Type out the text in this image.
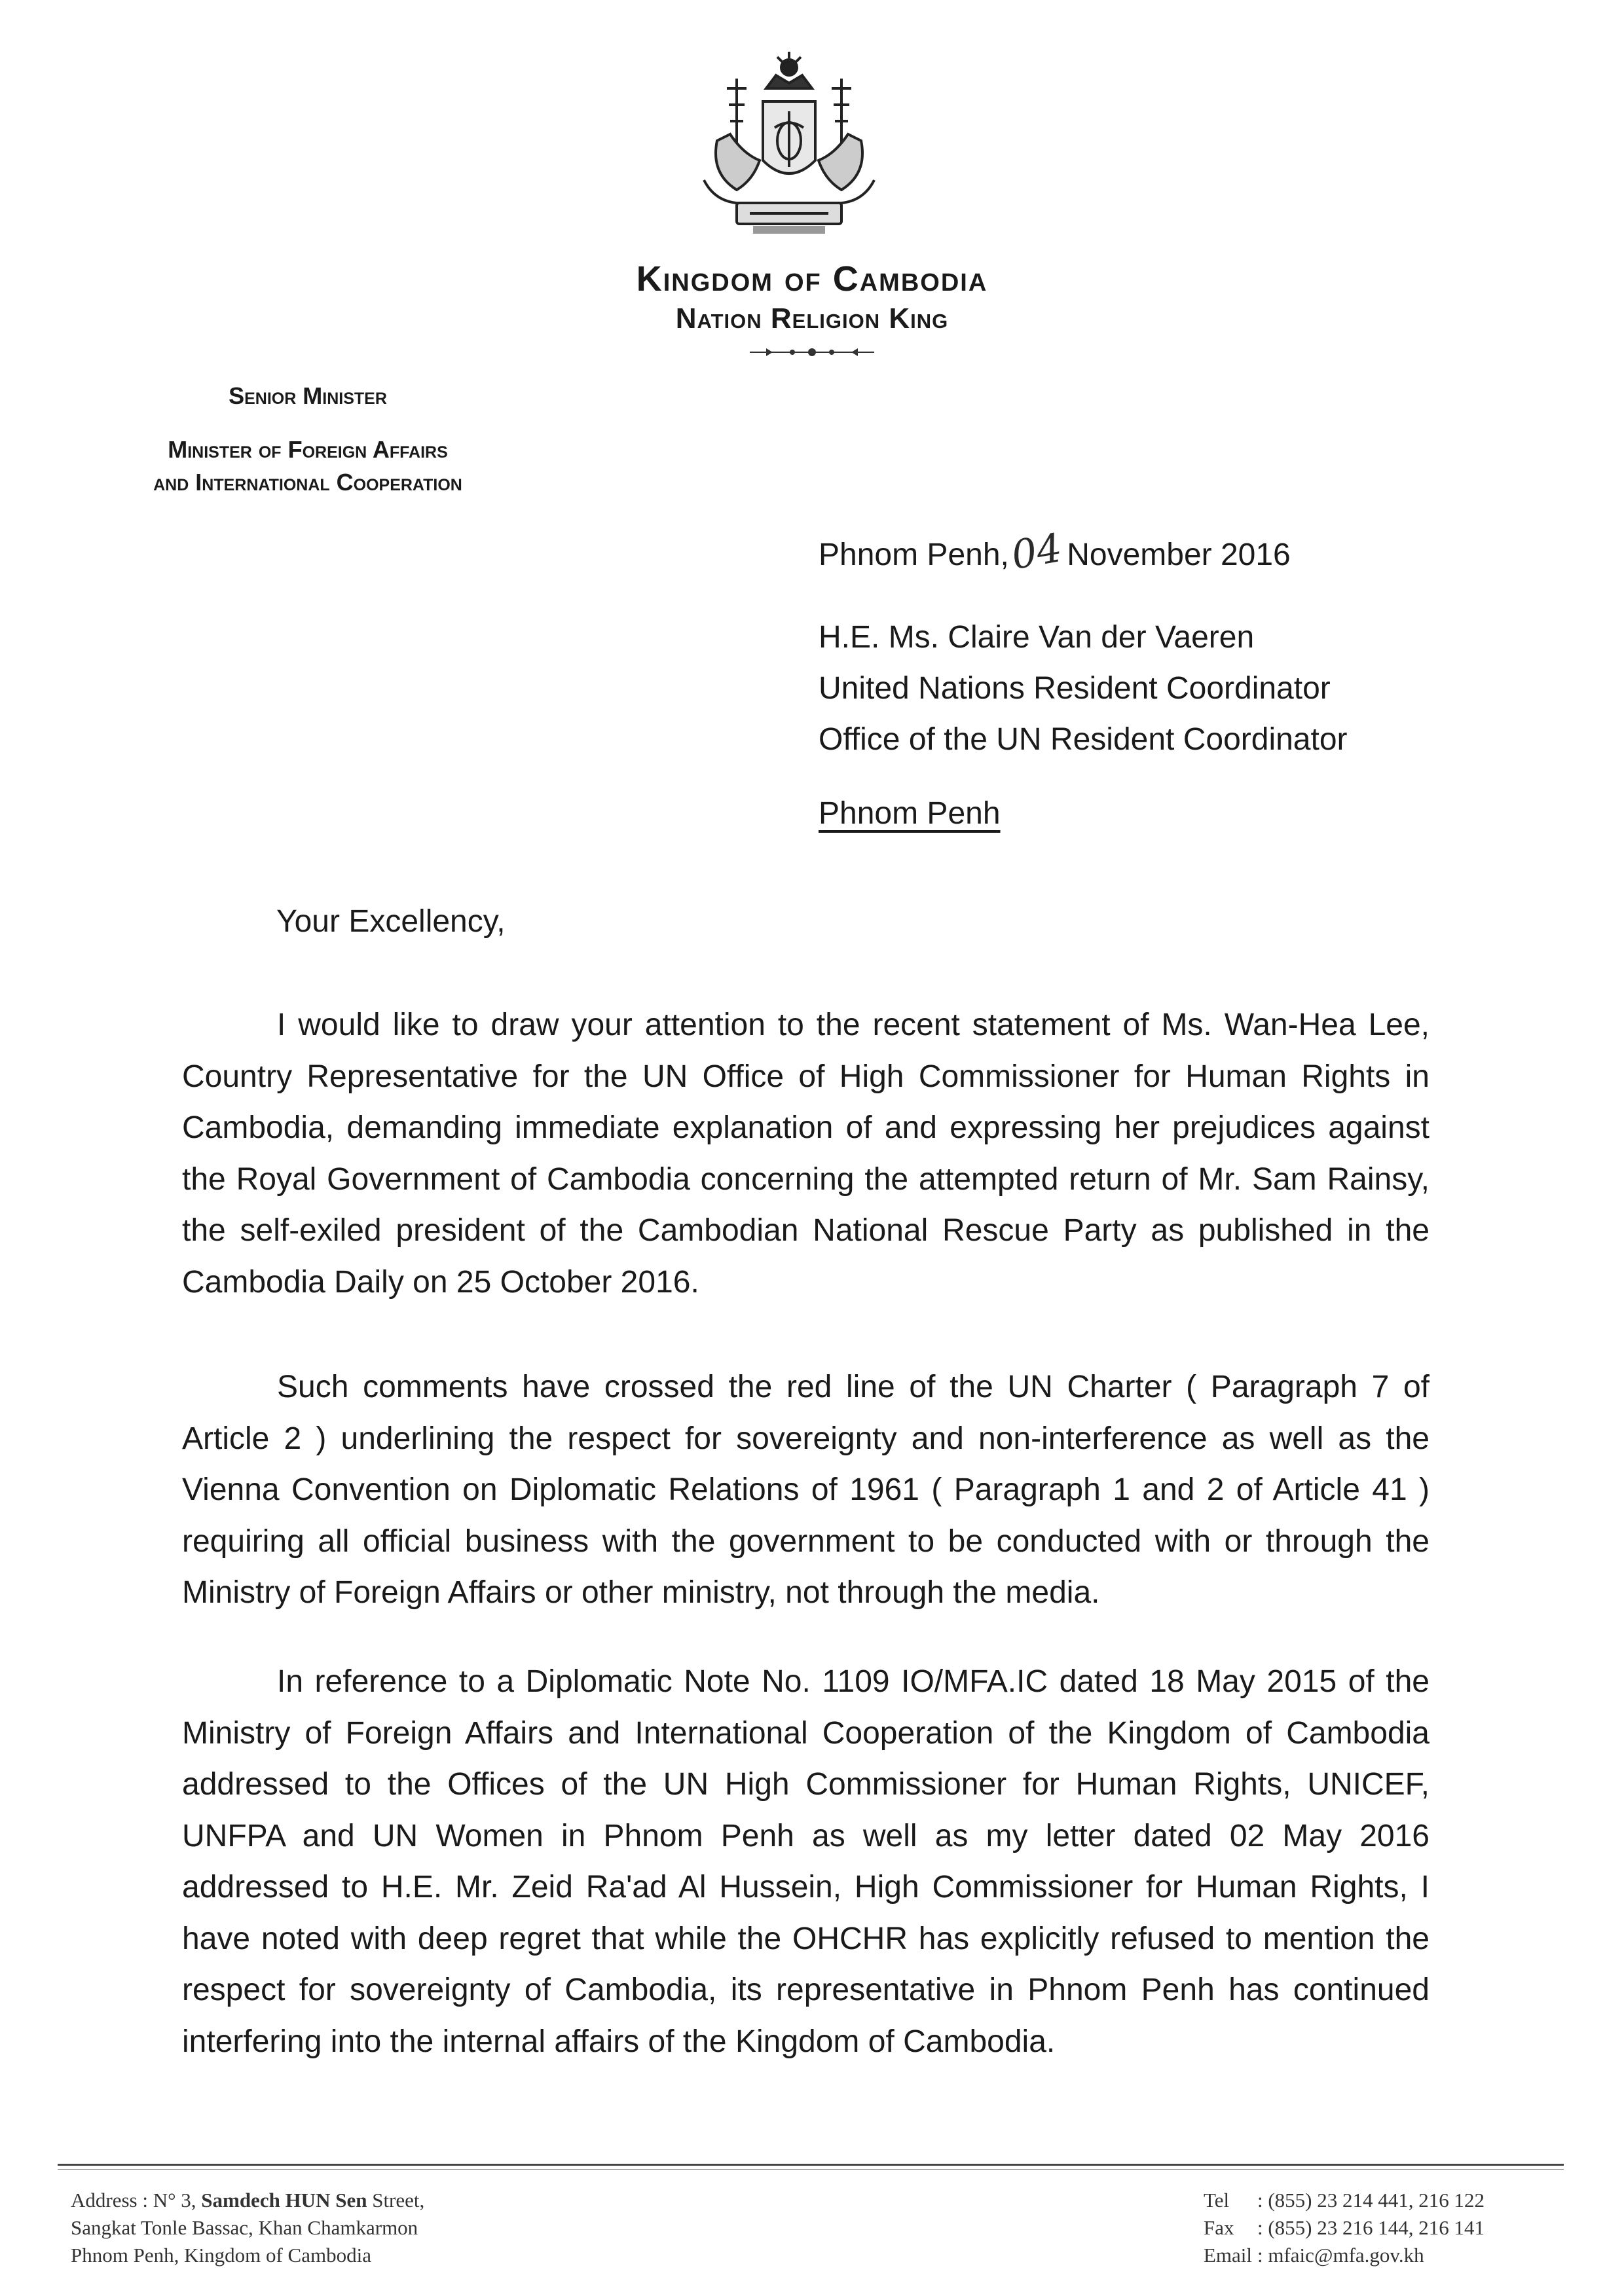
Kingdom of Cambodia
Nation Religion King
Senior Minister
Minister of Foreign Affairs
and International Cooperation
Phnom Penh,04November 2016
H.E. Ms. Claire Van der Vaeren
United Nations Resident Coordinator
Office of the UN Resident Coordinator
Phnom Penh
Your Excellency,

I would like to draw your attention to the recent statement of Ms. Wan-Hea Lee, Country Representative for the UN Office of High Commissioner for Human Rights in Cambodia, demanding immediate explanation of and expressing her prejudices against the Royal Government of Cambodia concerning the attempted return of Mr. Sam Rainsy, the self-exiled president of the Cambodian National Rescue Party as published in the Cambodia Daily on 25 October 2016.

Such comments have crossed the red line of the UN Charter ( Paragraph 7 of Article 2 ) underlining the respect for sovereignty and non-interference as well as the Vienna Convention on Diplomatic Relations of 1961 ( Paragraph 1 and 2 of Article 41 ) requiring all official business with the government to be conducted with or through the Ministry of Foreign Affairs or other ministry, not through the media.

In reference to a Diplomatic Note No. 1109 IO/MFA.IC dated 18 May 2015 of the Ministry of Foreign Affairs and International Cooperation of the Kingdom of Cambodia addressed to the Offices of the UN High Commissioner for Human Rights, UNICEF, UNFPA and UN Women in Phnom Penh as well as my letter dated 02 May 2016 addressed to H.E. Mr. Zeid Ra'ad Al Hussein, High Commissioner for Human Rights, I have noted with deep regret that while the OHCHR has explicitly refused to mention the respect for sovereignty of Cambodia, its representative in Phnom Penh has continued interfering into the internal affairs of the Kingdom of Cambodia.

Address : N° 3, Samdech HUN Sen Street,
Sangkat Tonle Bassac, Khan Chamkarmon
Phnom Penh, Kingdom of Cambodia
Tel : (855) 23 214 441, 216 122
Fax : (855) 23 216 144, 216 141
Email : mfaic@mfa.gov.kh
